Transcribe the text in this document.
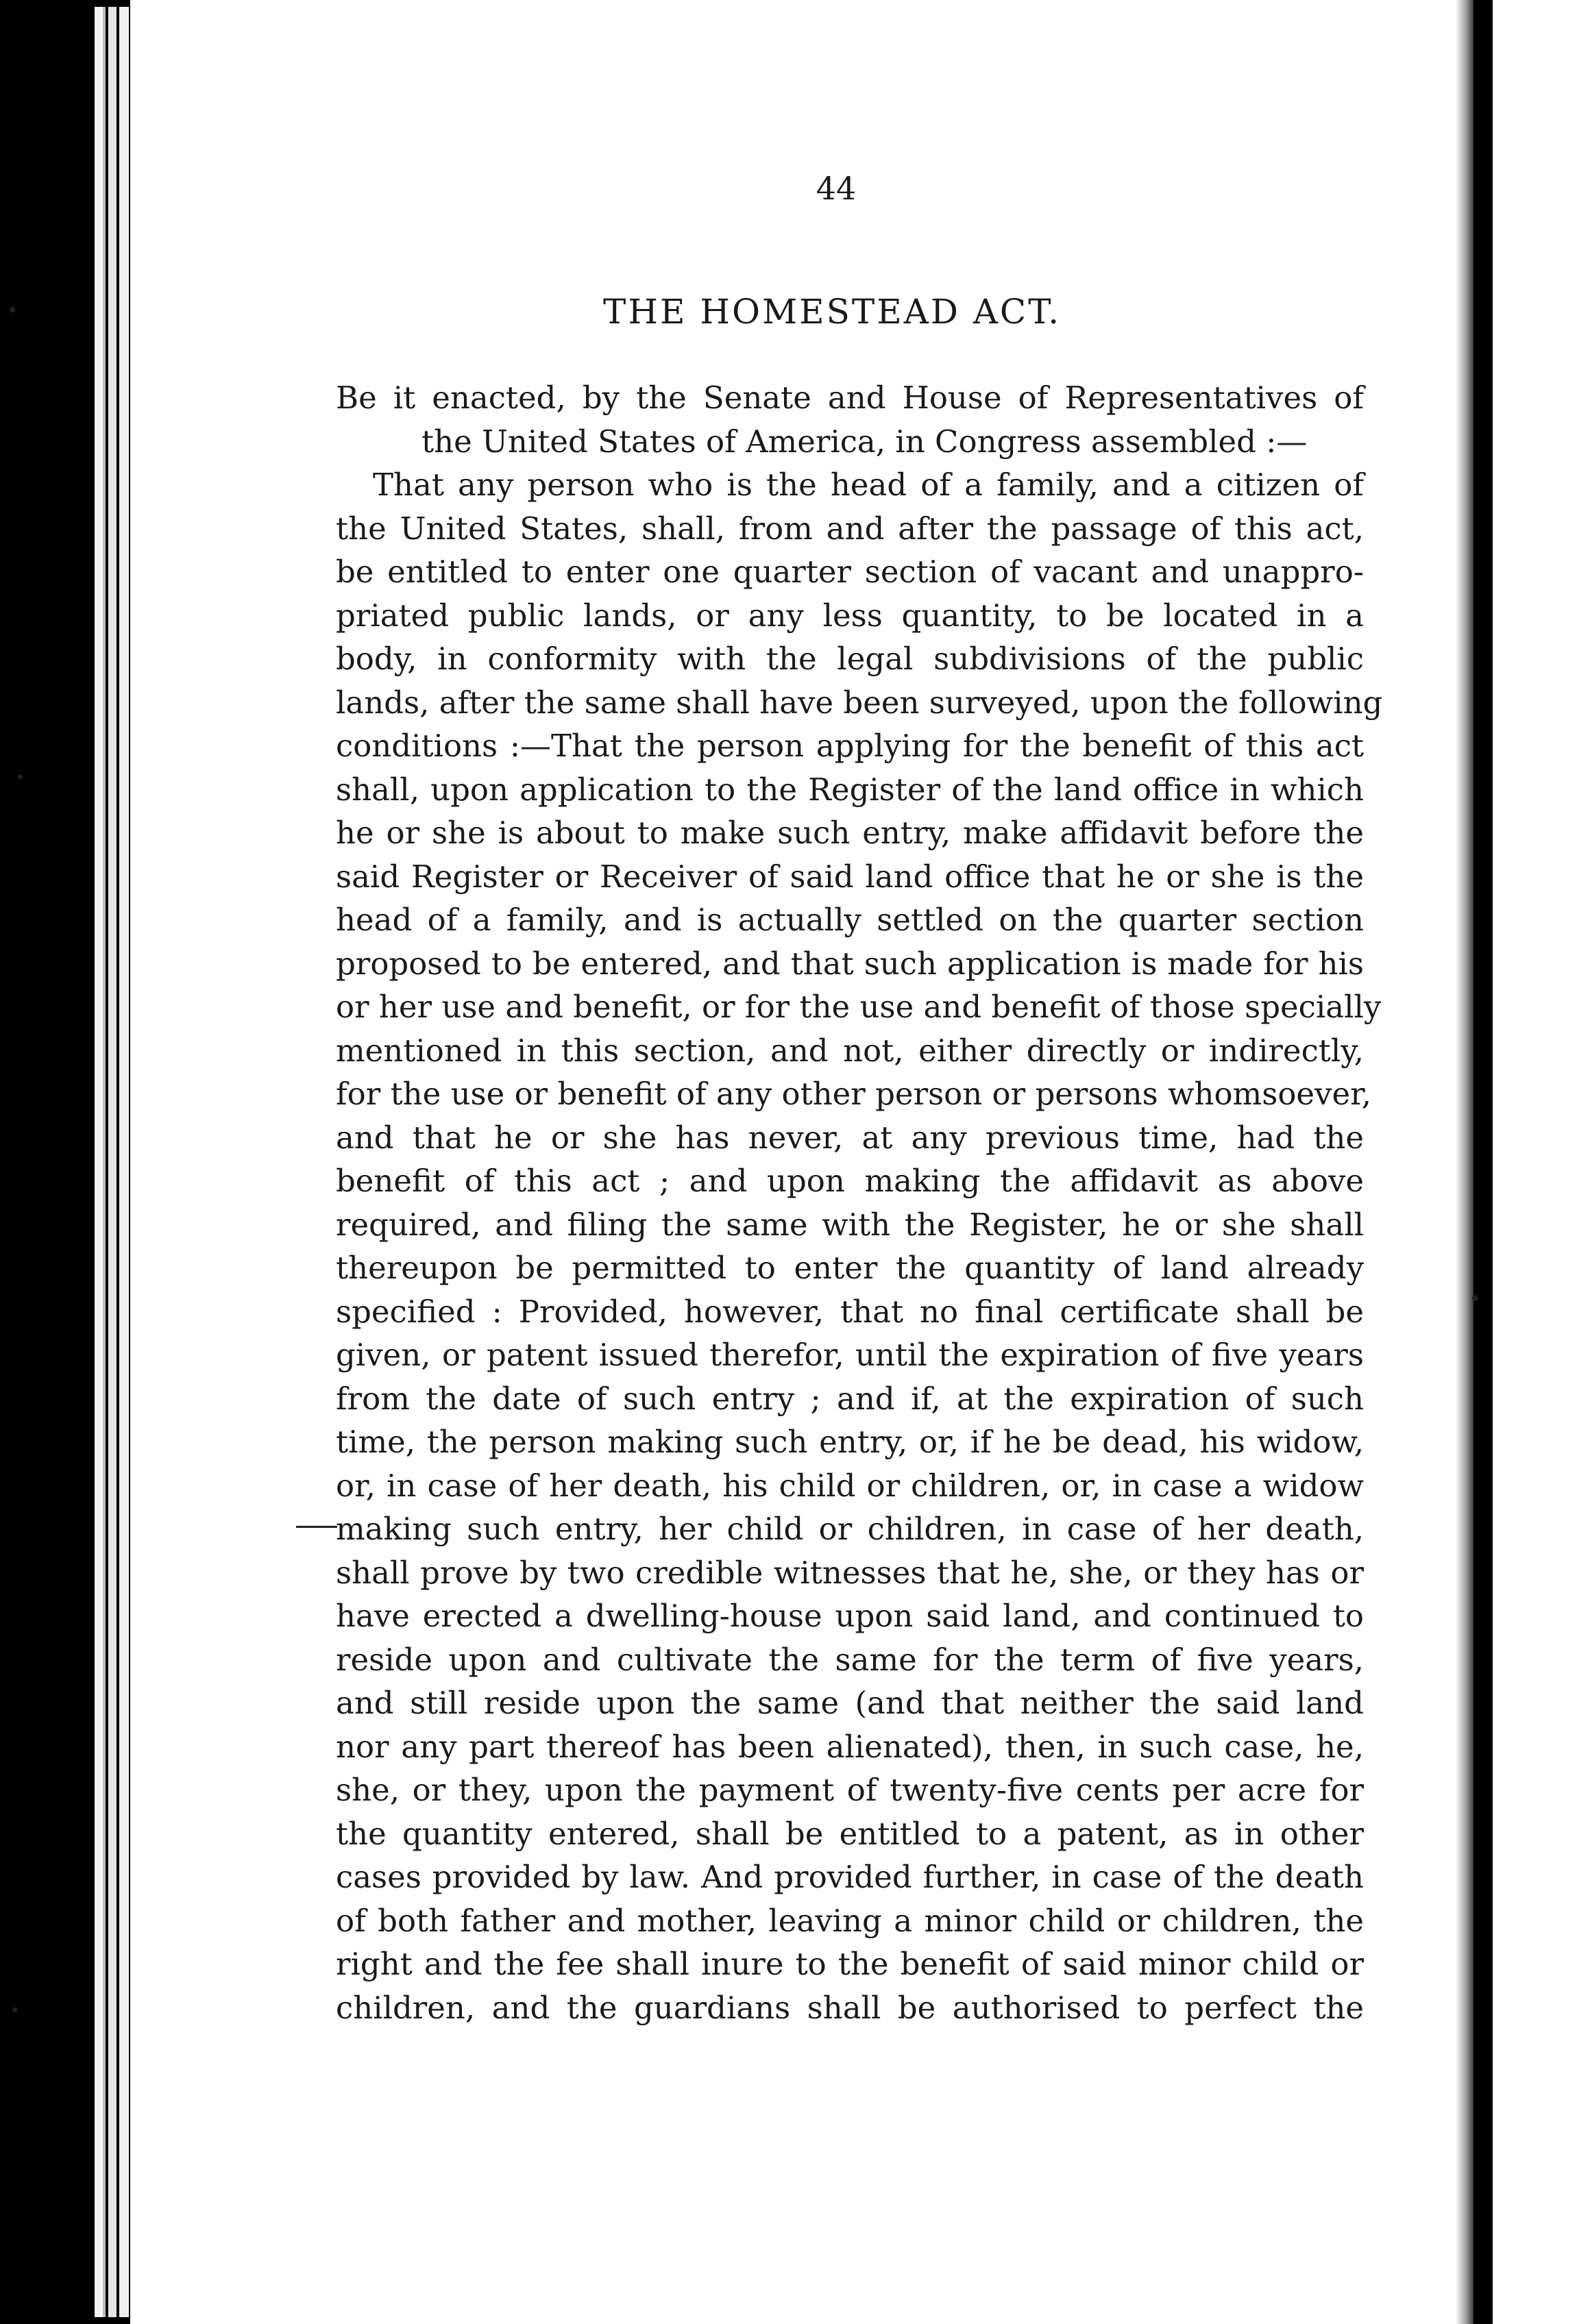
44
THE HOMESTEAD ACT.
Be it enacted, by the Senate and House of Representatives of
the United States of America, in Congress assembled :—
That any person who is the head of a family, and a citizen of
the United States, shall, from and after the passage of this act,
be entitled to enter one quarter section of vacant and unappro-
priated public lands, or any less quantity, to be located in a
body, in conformity with the legal subdivisions of the public
lands, after the same shall have been surveyed, upon the following
conditions :—That the person applying for the benefit of this act
shall, upon application to the Register of the land office in which
he or she is about to make such entry, make affidavit before the
said Register or Receiver of said land office that he or she is the
head of a family, and is actually settled on the quarter section
proposed to be entered, and that such application is made for his
or her use and benefit, or for the use and benefit of those specially
mentioned in this section, and not, either directly or indirectly,
for the use or benefit of any other person or persons whomsoever,
and that he or she has never, at any previous time, had the
benefit of this act ; and upon making the affidavit as above
required, and filing the same with the Register, he or she shall
thereupon be permitted to enter the quantity of land already
specified : Provided, however, that no final certificate shall be
given, or patent issued therefor, until the expiration of five years
from the date of such entry ; and if, at the expiration of such
time, the person making such entry, or, if he be dead, his widow,
or, in case of her death, his child or children, or, in case a widow
making such entry, her child or children, in case of her death,
shall prove by two credible witnesses that he, she, or they has or
have erected a dwelling-house upon said land, and continued to
reside upon and cultivate the same for the term of five years,
and still reside upon the same (and that neither the said land
nor any part thereof has been alienated), then, in such case, he,
she, or they, upon the payment of twenty-five cents per acre for
the quantity entered, shall be entitled to a patent, as in other
cases provided by law. And provided further, in case of the death
of both father and mother, leaving a minor child or children, the
right and the fee shall inure to the benefit of said minor child or
children, and the guardians shall be authorised to perfect the
